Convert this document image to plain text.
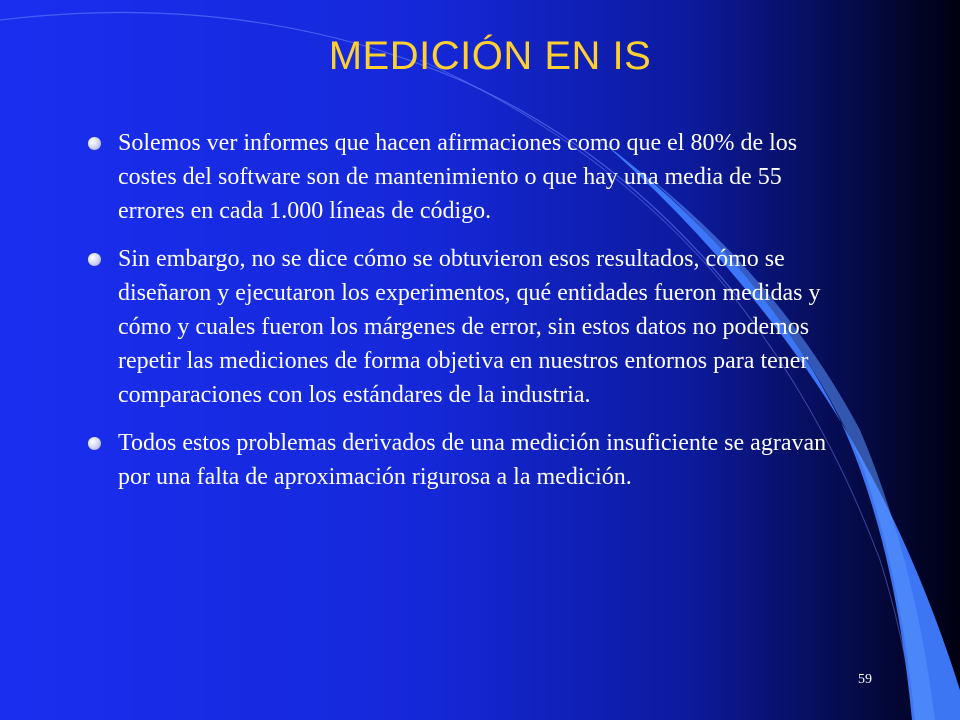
MEDICIÓN EN IS
Solemos ver informes que hacen afirmaciones como que el 80% de los costes del software son de mantenimiento o que hay una media de 55 errores en cada 1.000 líneas de código.
Sin embargo, no se dice cómo se obtuvieron esos resultados, cómo se diseñaron y ejecutaron los experimentos, qué entidades fueron medidas y cómo y cuales fueron los márgenes de error, sin estos datos no podemos repetir las mediciones de forma objetiva en nuestros entornos para tener comparaciones con los estándares de la industria.
Todos estos problemas derivados de una medición insuficiente se agravan por una falta de aproximación rigurosa a la medición.
59
